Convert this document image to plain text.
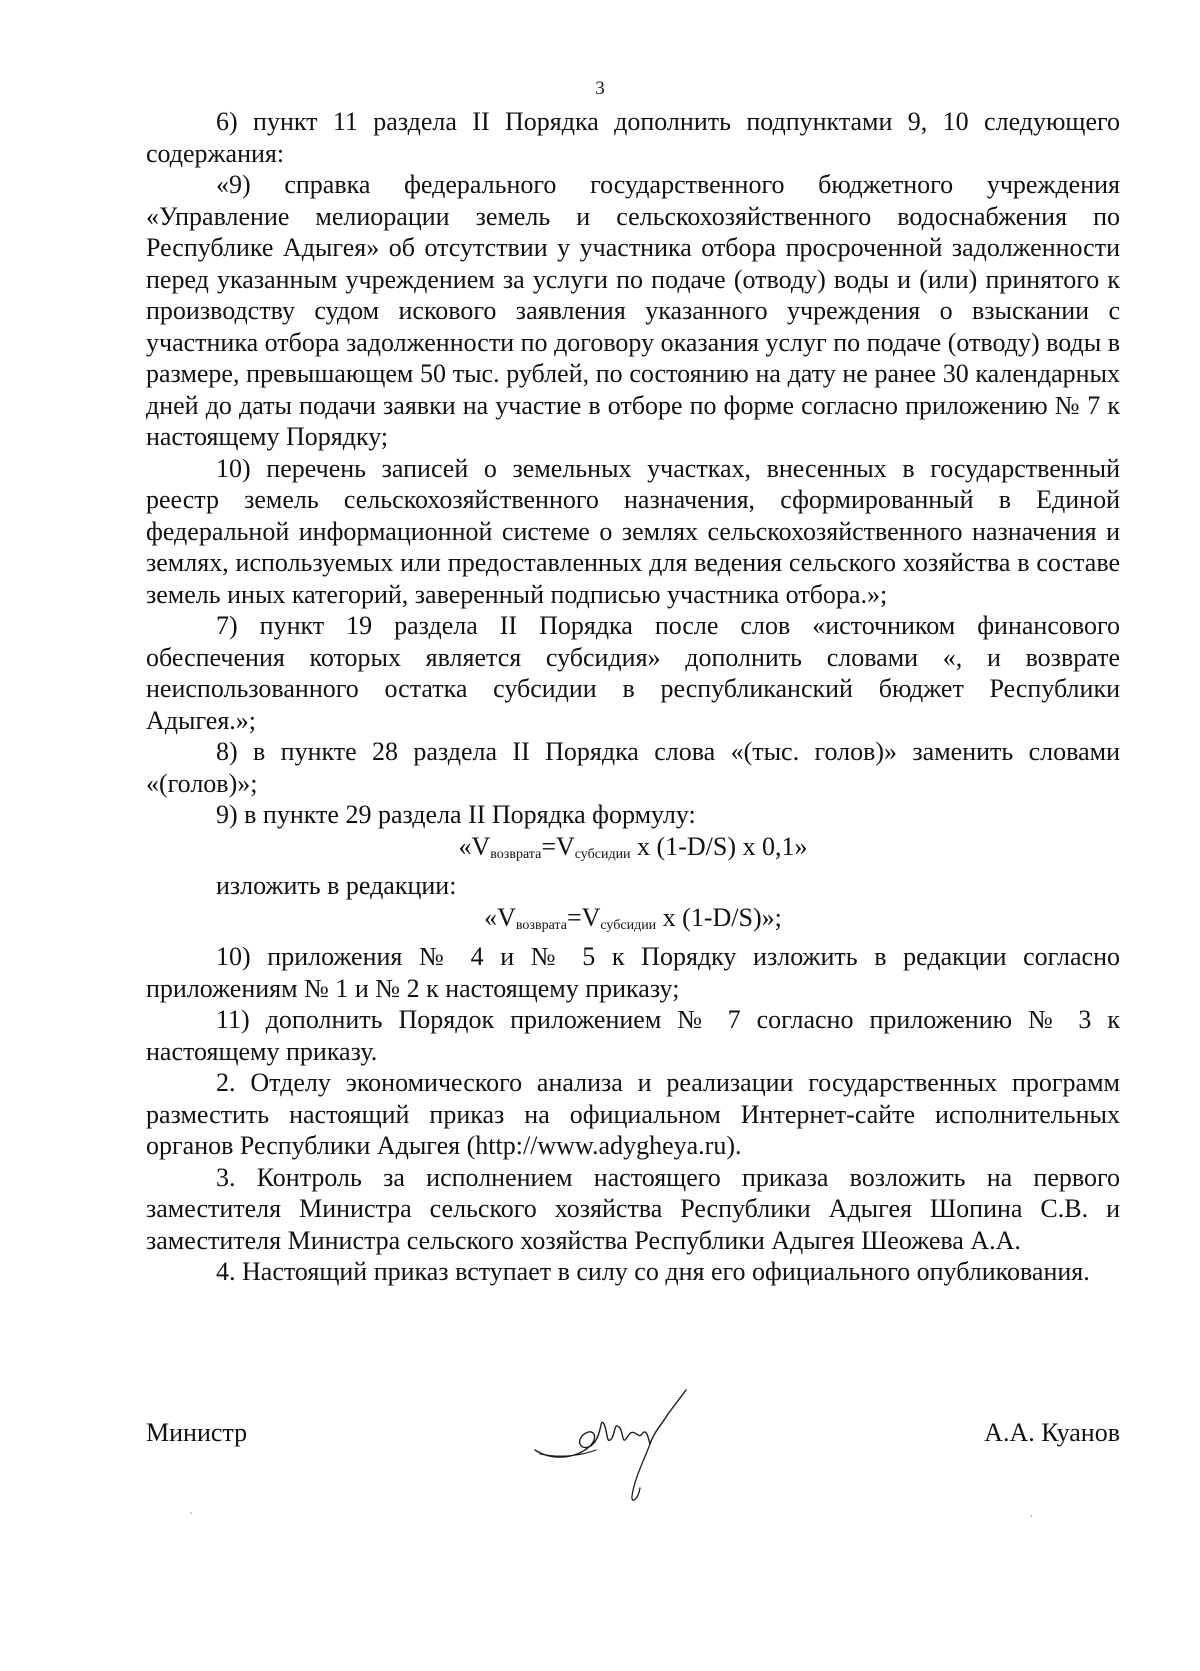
3

6) пункт 11 раздела II Порядка дополнить подпунктами 9, 10 следующего содержания:

«9) справка федерального государственного бюджетного учреждения «Управление мелиорации земель и сельскохозяйственного водоснабжения по Республике Адыгея» об отсутствии у участника отбора просроченной задолженности перед указанным учреждением за услуги по подаче (отводу) воды и (или) принятого к производству судом искового заявления указанного учреждения о взыскании с участника отбора задолженности по договору оказания услуг по подаче (отводу) воды в размере, превышающем 50 тыс. рублей, по состоянию на дату не ранее 30 календарных дней до даты подачи заявки на участие в отборе по форме согласно приложению № 7 к настоящему Порядку;

10) перечень записей о земельных участках, внесенных в государственный реестр земель сельскохозяйственного назначения, сформированный в Единой федеральной информационной системе о землях сельскохозяйственного назначения и землях, используемых или предоставленных для ведения сельского хозяйства в составе земель иных категорий, заверенный подписью участника отбора.»;

7) пункт 19 раздела II Порядка после слов «источником финансового обеспечения которых является субсидия» дополнить словами «, и возврате неиспользованного остатка субсидии в республиканский бюджет Республики Адыгея.»;

8) в пункте 28 раздела II Порядка слова «(тыс. голов)» заменить словами «(голов)»;

9) в пункте 29 раздела II Порядка формулу:

«$V_{возврата}=V_{субсидии}$ x (1-D/S) x 0,1»

изложить в редакции:

«$V_{возврата}=V_{субсидии}$ x (1-D/S)»;

10) приложения № 4 и № 5 к Порядку изложить в редакции согласно приложениям № 1 и № 2 к настоящему приказу;

11) дополнить Порядок приложением № 7 согласно приложению № 3 к настоящему приказу.

2. Отделу экономического анализа и реализации государственных программ разместить настоящий приказ на официальном Интернет-сайте исполнительных органов Республики Адыгея (http://www.adygheya.ru).

3. Контроль за исполнением настоящего приказа возложить на первого заместителя Министра сельского хозяйства Республики Адыгея Шопина С.В. и заместителя Министра сельского хозяйства Республики Адыгея Шеожева А.А.

4. Настоящий приказ вступает в силу со дня его официального опубликования.

Министр	А.А. Куанов
